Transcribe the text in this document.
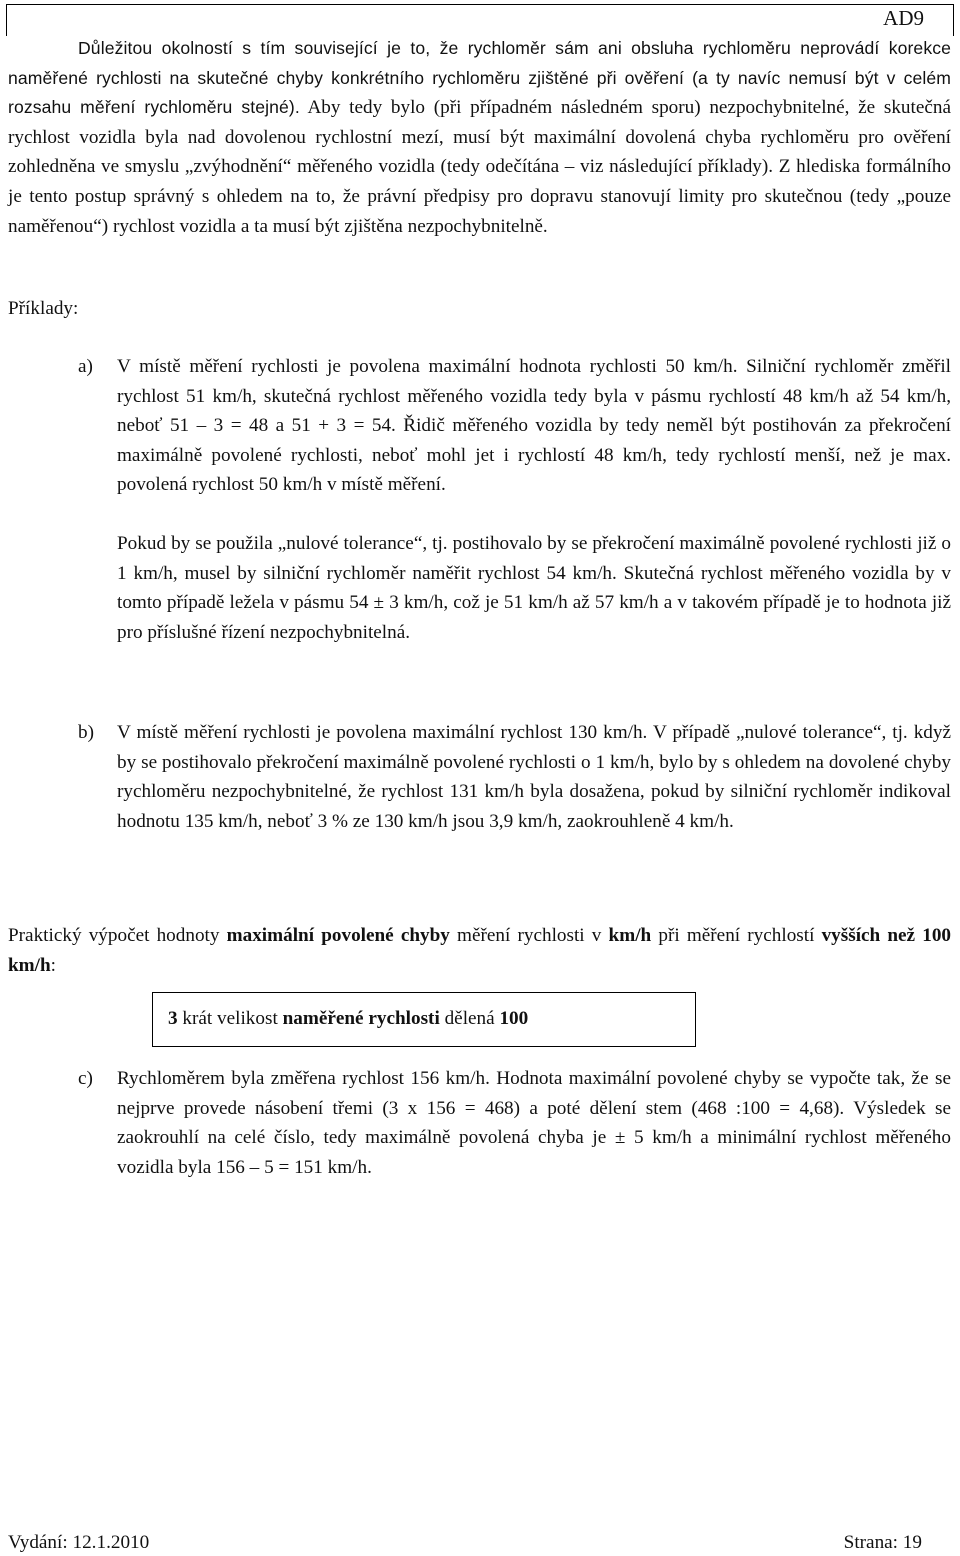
AD9

Důležitou okolností s tím související je to, že rychloměr sám ani obsluha rychloměru neprovádí korekce naměřené rychlosti na skutečné chyby konkrétního rychloměru zjištěné při ověření (a ty navíc nemusí být v celém rozsahu měření rychloměru stejné). Aby tedy bylo (při případném následném sporu) nezpochybnitelné, že skutečná rychlost vozidla byla nad dovolenou rychlostní mezí, musí být maximální dovolená chyba rychloměru pro ověření zohledněna ve smyslu „zvýhodnění“ měřeného vozidla (tedy odečítána – viz následující příklady). Z hlediska formálního je tento postup správný s ohledem na to, že právní předpisy pro dopravu stanovují limity pro skutečnou (tedy „pouze naměřenou“) rychlost vozidla a ta musí být zjištěna nezpochybnitelně.

Příklady:
a) V místě měření rychlosti je povolena maximální hodnota rychlosti 50 km/h. Silniční rychloměr změřil rychlost 51 km/h, skutečná rychlost měřeného vozidla tedy byla v pásmu rychlostí 48 km/h až 54 km/h, neboť 51 – 3 = 48 a 51 + 3 = 54. Řidič měřeného vozidla by tedy neměl být postihován za překročení maximálně povolené rychlosti, neboť mohl jet i rychlostí 48 km/h, tedy rychlostí menší, než je max. povolená rychlost 50 km/h v místě měření.
Pokud by se použila „nulové tolerance“, tj. postihovalo by se překročení maximálně povolené rychlosti již o 1 km/h, musel by silniční rychloměr naměřit rychlost 54 km/h. Skutečná rychlost měřeného vozidla by v tomto případě ležela v pásmu 54 ± 3 km/h, což je 51 km/h až 57 km/h a v takovém případě je to hodnota již pro příslušné řízení nezpochybnitelná.
b) V místě měření rychlosti je povolena maximální rychlost 130 km/h. V případě „nulové tolerance“, tj. když by se postihovalo překročení maximálně povolené rychlosti o 1 km/h, bylo by s ohledem na dovolené chyby rychloměru nezpochybnitelné, že rychlost 131 km/h byla dosažena, pokud by silniční rychloměr indikoval hodnotu 135 km/h, neboť 3 % ze 130 km/h jsou 3,9 km/h, zaokrouhleně 4 km/h.

Praktický výpočet hodnoty maximální povolené chyby měření rychlosti v km/h při měření rychlostí vyšších než 100 km/h:

3 krát velikost naměřené rychlosti dělená 100
c) Rychloměrem byla změřena rychlost 156 km/h. Hodnota maximální povolené chyby se vypočte tak, že se nejprve provede násobení třemi (3 x 156 = 468) a poté dělení stem (468 :100 = 4,68). Výsledek se zaokrouhlí na celé číslo, tedy maximálně povolená chyba je ± 5 km/h a minimální rychlost měřeného vozidla byla 156 – 5 = 151 km/h.
Vydání: 12.1.2010	Strana: 19
